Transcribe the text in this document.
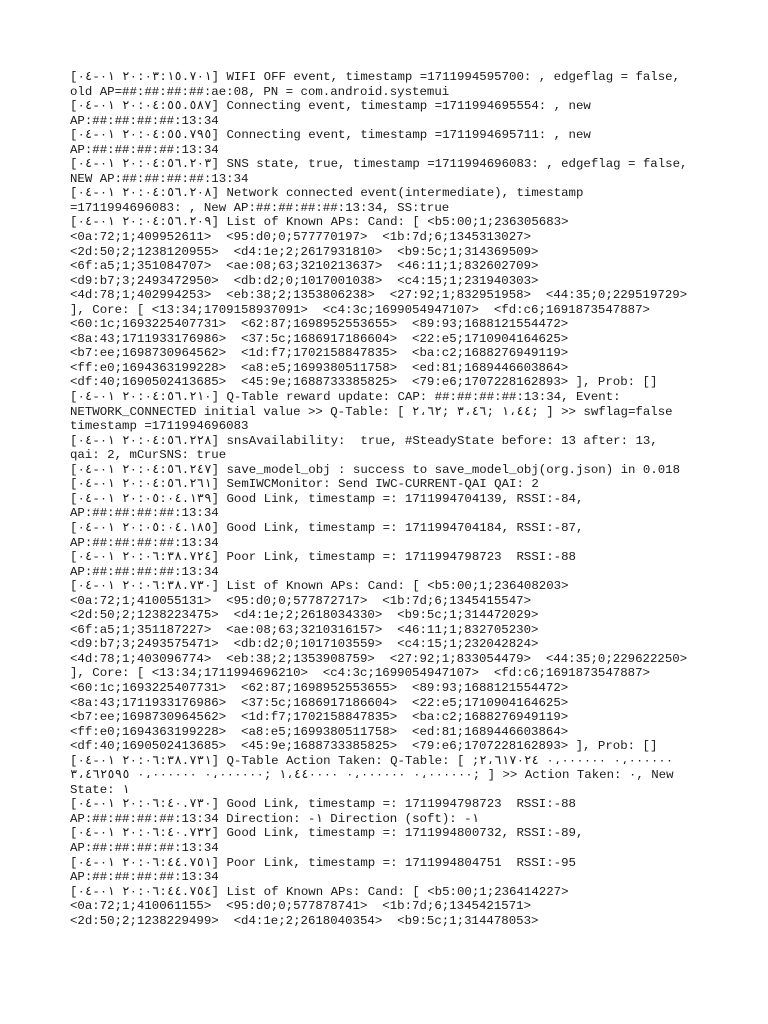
[٢٠:٠٣:١٥.٧٠١ ٠١-٠٤] WIFI OFF event, timestamp =1711994595700: , edgeflag = false,
old AP=##:##:##:##:ae:08, PN = com.android.systemui
[٢٠:٠٤:٥٥.٥٨٧ ٠١-٠٤] Connecting event, timestamp =1711994695554: , new
AP:##:##:##:##:13:34
[٢٠:٠٤:٥٥.٧٩٥ ٠١-٠٤] Connecting event, timestamp =1711994695711: , new
AP:##:##:##:##:13:34
[٢٠:٠٤:٥٦.٢٠٣ ٠١-٠٤] SNS state, true, timestamp =1711994696083: , edgeflag = false,
NEW AP:##:##:##:##:13:34
[٢٠:٠٤:٥٦.٢٠٨ ٠١-٠٤] Network connected event(intermediate), timestamp
=1711994696083: , New AP:##:##:##:##:13:34, SS:true
[٢٠:٠٤:٥٦.٢٠٩ ٠١-٠٤] List of Known APs: Cand: [ <b5:00;1;236305683>
<0a:72;1;409952611>  <95:d0;0;577770197>  <1b:7d;6;1345313027>
<2d:50;2;1238120955>  <d4:1e;2;2617931810>  <b9:5c;1;314369509>
<6f:a5;1;351084707>  <ae:08;63;3210213637>  <46:11;1;832602709>
<d9:b7;3;2493472950>  <db:d2;0;1017001038>  <c4:15;1;231940303>
<4d:78;1;402994253>  <eb:38;2;1353806238>  <27:92;1;832951958>  <44:35;0;229519729>
], Core: [ <13:34;1709158937091>  <c4:3c;1699054947107>  <fd:c6;1691873547887>
<60:1c;1693225407731>  <62:87;1698952553655>  <89:93;1688121554472>
<8a:43;1711933176986>  <37:5c;1686917186604>  <22:e5;1710904164625>
<b7:ee;1698730964562>  <1d:f7;1702158847835>  <ba:c2;1688276949119>
<ff:e0;1694363199228>  <a8:e5;1699380511758>  <ed:81;1689446603864>
<df:40;1690502413685>  <45:9e;1688733385825>  <79:e6;1707228162893> ], Prob: []
[٢٠:٠٤:٥٦.٢١٠ ٠١-٠٤] Q-Table reward update: CAP: ##:##:##:##:13:34, Event:
NETWORK_CONNECTED initial value >> Q-Table: [ ١،٤٤ ;٣،٤٦ ;٢،٦٢; ] >> swflag=false
timestamp =1711994696083
[٢٠:٠٤:٥٦.٢٢٨ ٠١-٠٤] snsAvailability:  true, #SteadyState before: 13 after: 13,
qai: 2, mCurSNS: true
[٢٠:٠٤:٥٦.٢٤٧ ٠١-٠٤] save_model_obj : success to save_model_obj(org.json) in 0.018
[٢٠:٠٤:٥٦.٢٦١ ٠١-٠٤] SemIWCMonitor: Send IWC-CURRENT-QAI QAI: 2
[٢٠:٠٥:٠٤.١٣٩ ٠١-٠٤] Good Link, timestamp =: 1711994704139, RSSI:-84,
AP:##:##:##:##:13:34
[٢٠:٠٥:٠٤.١٨٥ ٠١-٠٤] Good Link, timestamp =: 1711994704184, RSSI:-87,
AP:##:##:##:##:13:34
[٢٠:٠٦:٣٨.٧٢٤ ٠١-٠٤] Poor Link, timestamp =: 1711994798723  RSSI:-88
AP:##:##:##:##:13:34
[٢٠:٠٦:٣٨.٧٣٠ ٠١-٠٤] List of Known APs: Cand: [ <b5:00;1;236408203>
<0a:72;1;410055131>  <95:d0;0;577872717>  <1b:7d;6;1345415547>
<2d:50;2;1238223475>  <d4:1e;2;2618034330>  <b9:5c;1;314472029>
<6f:a5;1;351187227>  <ae:08;63;3210316157>  <46:11;1;832705230>
<d9:b7;3;2493575471>  <db:d2;0;1017103559>  <c4:15;1;232042824>
<4d:78;1;403096774>  <eb:38;2;1353908759>  <27:92;1;833054479>  <44:35;0;229622250>
], Core: [ <13:34;1711994696210>  <c4:3c;1699054947107>  <fd:c6;1691873547887>
<60:1c;1693225407731>  <62:87;1698952553655>  <89:93;1688121554472>
<8a:43;1711933176986>  <37:5c;1686917186604>  <22:e5;1710904164625>
<b7:ee;1698730964562>  <1d:f7;1702158847835>  <ba:c2;1688276949119>
<ff:e0;1694363199228>  <a8:e5;1699380511758>  <ed:81;1689446603864>
<df:40;1690502413685>  <45:9e;1688733385825>  <79:e6;1707228162893> ], Prob: []
[٢٠:٠٦:٣٨.٧٣١ ٠١-٠٤] Q-Table Action Taken: Q-Table: [ ;٠،٠٠٠٠٠٠ ٠،٠٠٠٠٠٠ ٢،٦١٧٠٢٤
٠،٠٠٠٠٠٠ ٠،٠٠٠٠٠٠ ١،٤٤٠٠٠٠ ;٠،٠٠٠٠٠٠ ٠،٠٠٠٠٠٠ ٣،٤٦٢٥٩٥; ] >> Action Taken: ٠, New
State: ١
[٢٠:٠٦:٤٠.٧٣٠ ٠١-٠٤] Good Link, timestamp =: 1711994798723  RSSI:-88
AP:##:##:##:##:13:34 Direction: -١ Direction (soft): -١
[٢٠:٠٦:٤٠.٧٣٢ ٠١-٠٤] Good Link, timestamp =: 1711994800732, RSSI:-89,
AP:##:##:##:##:13:34
[٢٠:٠٦:٤٤.٧٥١ ٠١-٠٤] Poor Link, timestamp =: 1711994804751  RSSI:-95
AP:##:##:##:##:13:34
[٢٠:٠٦:٤٤.٧٥٤ ٠١-٠٤] List of Known APs: Cand: [ <b5:00;1;236414227>
<0a:72;1;410061155>  <95:d0;0;577878741>  <1b:7d;6;1345421571>
<2d:50;2;1238229499>  <d4:1e;2;2618040354>  <b9:5c;1;314478053>
